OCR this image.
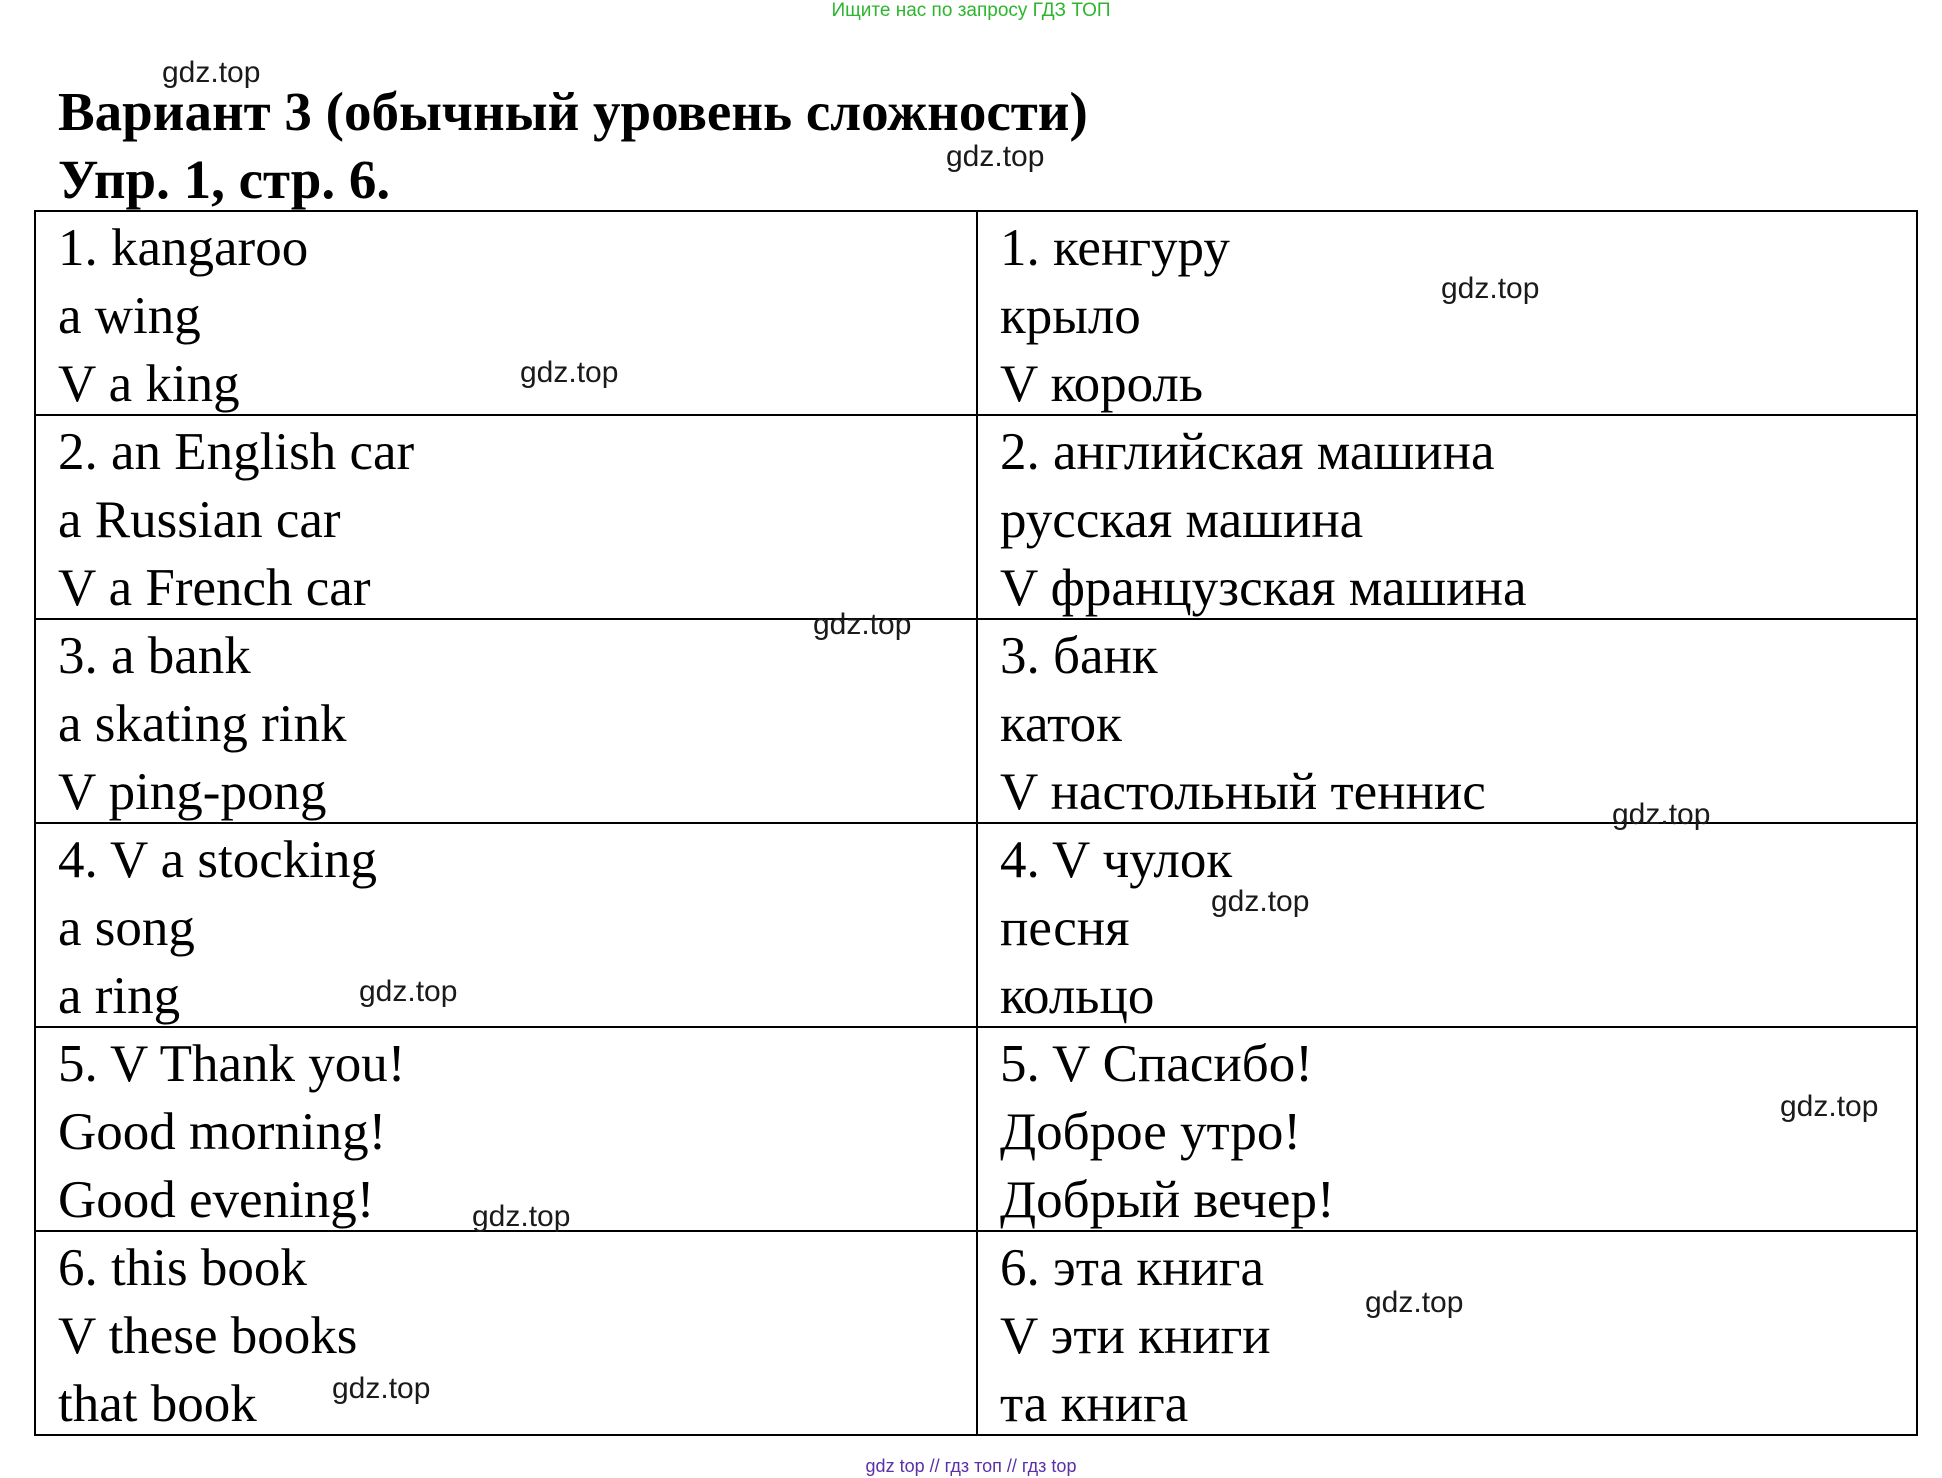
Ищите нас по запросу ГДЗ ТОП
Вариант 3 (обычный уровень сложности)
Упр. 1, стр. 6.
1. kangaroo
a wing
V a king
1. кенгуру
крыло
V король
2. an English car
a Russian car
V a French car
2. английская машина
русская машина
V французская машина
3. a bank
a skating rink
V ping-pong
3. банк
каток
V настольный теннис
4. V a stocking
a song
a ring
4. V чулок
песня
кольцо
5. V Thank you!
Good morning!
Good evening!
5. V Спасибо!
Доброе утро!
Добрый вечер!
6. this book
V these books
that book
6. эта книга
V эти книги
та книга
gdz.top
gdz.top
gdz.top
gdz.top
gdz.top
gdz.top
gdz.top
gdz.top
gdz.top
gdz.top
gdz.top
gdz.top
gdz top // гдз топ // гдз top
